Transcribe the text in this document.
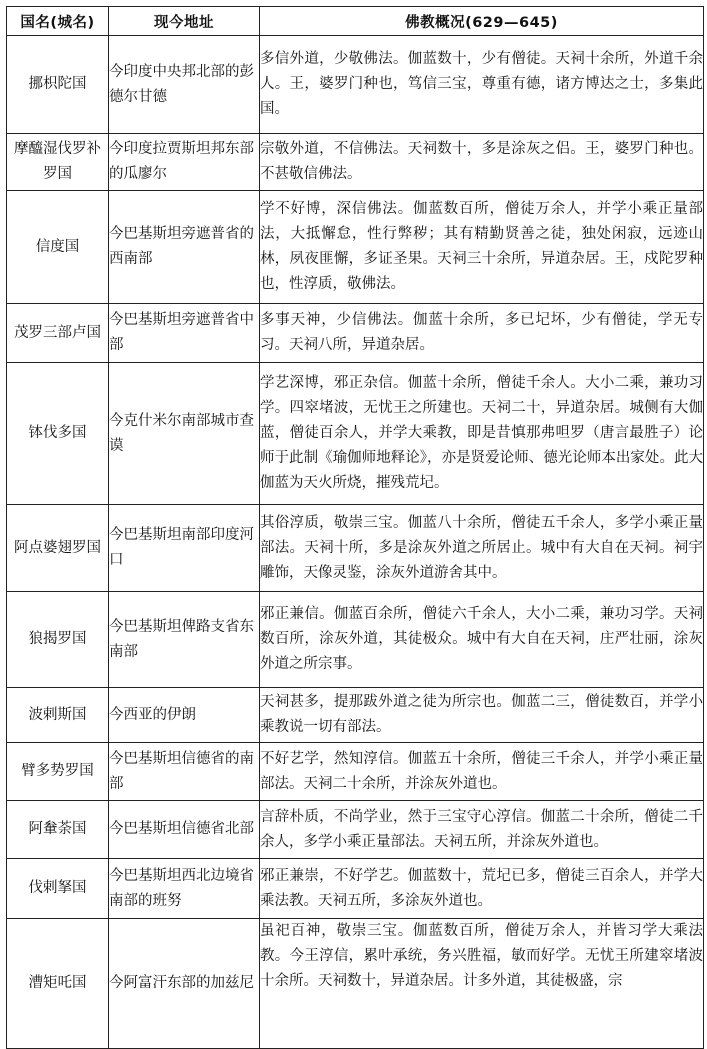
国名(城名)	现今地址	佛教概况(629—645)
挪枳陀国	今印度中央邦北部的彭德尔甘德	多信外道，少敬佛法。伽蓝数十，少有僧徒。天祠十余所，外道千余人。王，婆罗门种也，笃信三宝，尊重有德，诸方博达之士，多集此国。
摩醯湿伐罗补罗国	今印度拉贾斯坦邦东部的瓜廖尔	宗敬外道，不信佛法。天祠数十，多是涂灰之侣。王，婆罗门种也。不甚敬信佛法。
信度国	今巴基斯坦旁遮普省的西南部	学不好博，深信佛法。伽蓝数百所，僧徒万余人，并学小乘正量部法，大抵懈怠，性行弊秽；其有精勤贤善之徒，独处闲寂，远迹山林，夙夜匪懈，多证圣果。天祠三十余所，异道杂居。王，戍陀罗种也，性淳质，敬佛法。
茂罗三部卢国	今巴基斯坦旁遮普省中部	多事天神，少信佛法。伽蓝十余所，多已圮坏，少有僧徒，学无专习。天祠八所，异道杂居。
钵伐多国	今克什米尔南部城市查谟	学艺深博，邪正杂信。伽蓝十余所，僧徒千余人。大小二乘，兼功习学。四窣堵波，无忧王之所建也。天祠二十，异道杂居。城侧有大伽蓝，僧徒百余人，并学大乘教，即是昔慎那弗呾罗（唐言最胜子）论师于此制《瑜伽师地释论》，亦是贤爱论师、德光论师本出家处。此大伽蓝为天火所烧，摧残荒圮。
阿点婆翅罗国	今巴基斯坦南部印度河口	其俗淳质，敬崇三宝。伽蓝八十余所，僧徒五千余人，多学小乘正量部法。天祠十所，多是涂灰外道之所居止。城中有大自在天祠。祠宇雕饰，天像灵鉴，涂灰外道游舍其中。
狼揭罗国	今巴基斯坦俾路支省东南部	邪正兼信。伽蓝百余所，僧徒六千余人，大小二乘，兼功习学。天祠数百所，涂灰外道，其徒极众。城中有大自在天祠，庄严壮丽，涂灰外道之所宗事。
波剌斯国	今西亚的伊朗	天祠甚多，提那跋外道之徒为所宗也。伽蓝二三，僧徒数百，并学小乘教说一切有部法。
臂多势罗国	今巴基斯坦信德省的南部	不好艺学，然知淳信。伽蓝五十余所，僧徒三千余人，并学小乘正量部法。天祠二十余所，并涂灰外道也。
阿軬荼国	今巴基斯坦信德省北部	言辞朴质，不尚学业，然于三宝守心淳信。伽蓝二十余所，僧徒二千余人，多学小乘正量部法。天祠五所，并涂灰外道也。
伐剌拏国	今巴基斯坦西北边境省南部的班努	邪正兼崇，不好学艺。伽蓝数十，荒圮已多，僧徒三百余人，并学大乘法教。天祠五所，多涂灰外道也。
漕矩吒国	今阿富汗东部的加兹尼	虽祀百神，敬崇三宝。伽蓝数百所，僧徒万余人，并皆习学大乘法教。今王淳信，累叶承统，务兴胜福，敏而好学。无忧王所建窣堵波十余所。天祠数十，异道杂居。计多外道，其徒极盛，宗
